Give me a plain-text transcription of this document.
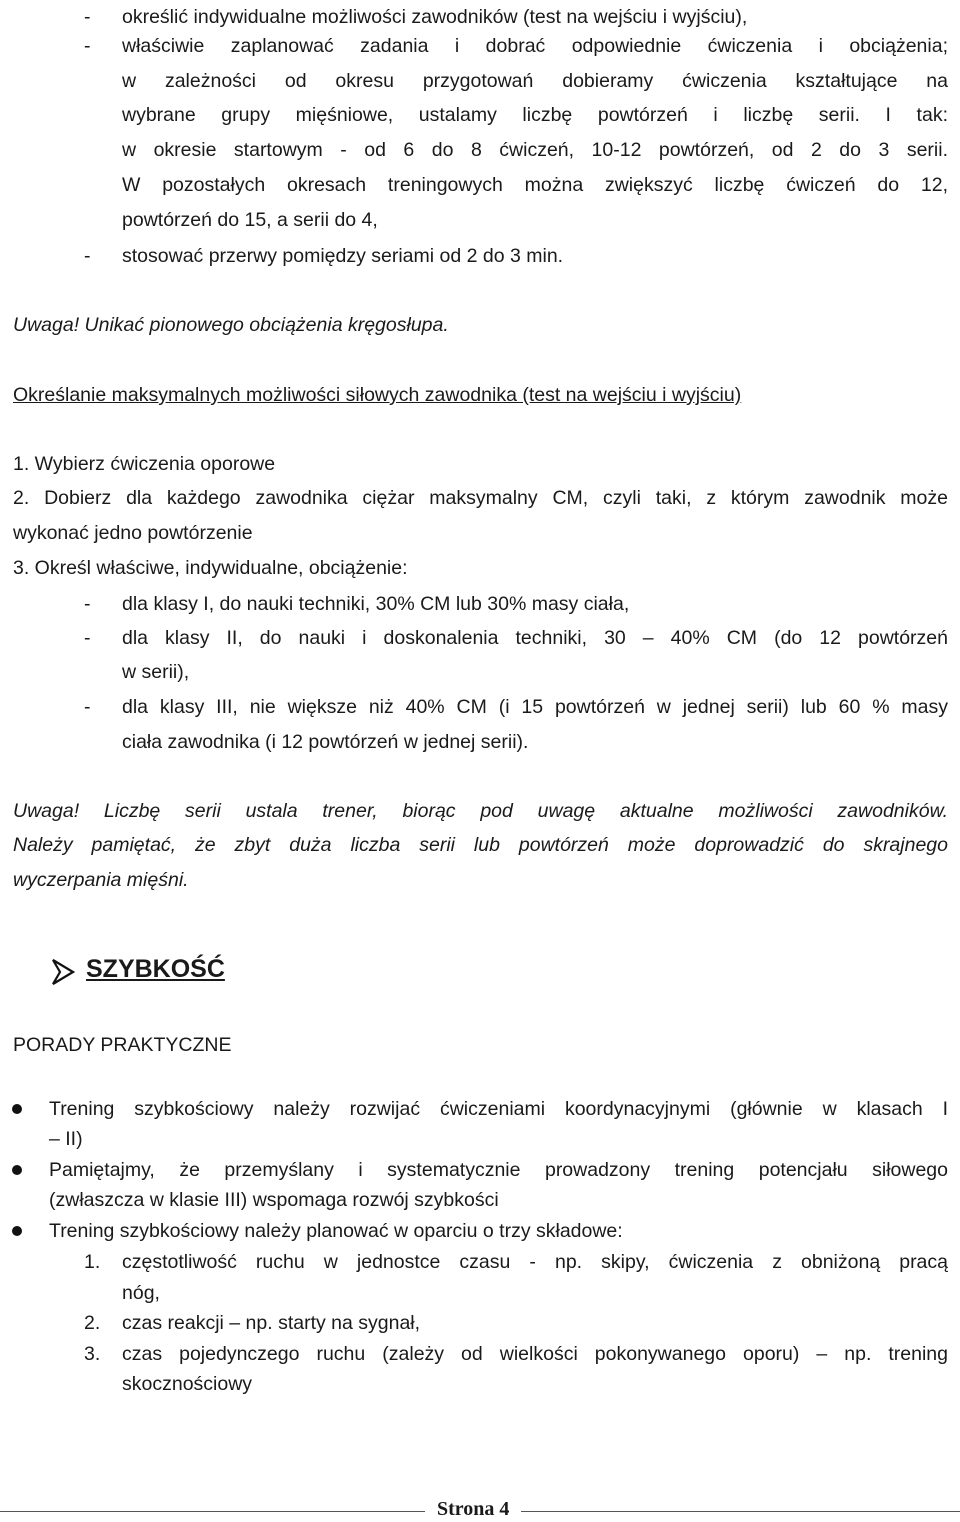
- określić indywidualne możliwości zawodników (test na wejściu i wyjściu),
- właściwie zaplanować zadania i dobrać odpowiednie ćwiczenia i obciążenia;
w zależności od okresu przygotowań dobieramy ćwiczenia kształtujące na
wybrane grupy mięśniowe, ustalamy liczbę powtórzeń i liczbę serii. I tak:
w okresie startowym - od 6 do 8 ćwiczeń, 10-12 powtórzeń, od 2 do 3 serii.
W pozostałych okresach treningowych można zwiększyć liczbę ćwiczeń do 12,
powtórzeń do 15, a serii do 4,
- stosować przerwy pomiędzy seriami od 2 do 3 min.
Uwaga! Unikać pionowego obciążenia kręgosłupa.
Określanie maksymalnych możliwości siłowych zawodnika (test na wejściu i wyjściu)
1. Wybierz ćwiczenia oporowe
2. Dobierz dla każdego zawodnika ciężar maksymalny CM, czyli taki, z którym zawodnik może
wykonać jedno powtórzenie
3. Określ właściwe, indywidualne, obciążenie:
- dla klasy I, do nauki techniki, 30% CM lub 30% masy ciała,
- dla klasy II, do nauki i doskonalenia techniki, 30 – 40% CM (do 12 powtórzeń
w serii),
- dla klasy III, nie większe niż 40% CM (i 15 powtórzeń w jednej serii) lub 60 % masy
ciała zawodnika (i 12 powtórzeń w jednej serii).
Uwaga! Liczbę serii ustala trener, biorąc pod uwagę aktualne możliwości zawodników.
Należy pamiętać, że zbyt duża liczba serii lub powtórzeń może doprowadzić do skrajnego
wyczerpania mięśni.
SZYBKOŚĆ
PORADY PRAKTYCZNE
Trening szybkościowy należy rozwijać ćwiczeniami koordynacyjnymi (głównie w klasach I
– II)
Pamiętajmy, że przemyślany i systematycznie prowadzony trening potencjału siłowego
(zwłaszcza w klasie III) wspomaga rozwój szybkości
Trening szybkościowy należy planować w oparciu o trzy składowe:
1. częstotliwość ruchu w jednostce czasu - np. skipy, ćwiczenia z obniżoną pracą
nóg,
2. czas reakcji – np. starty na sygnał,
3. czas pojedynczego ruchu (zależy od wielkości pokonywanego oporu) – np. trening
skocznościowy
Strona 4
